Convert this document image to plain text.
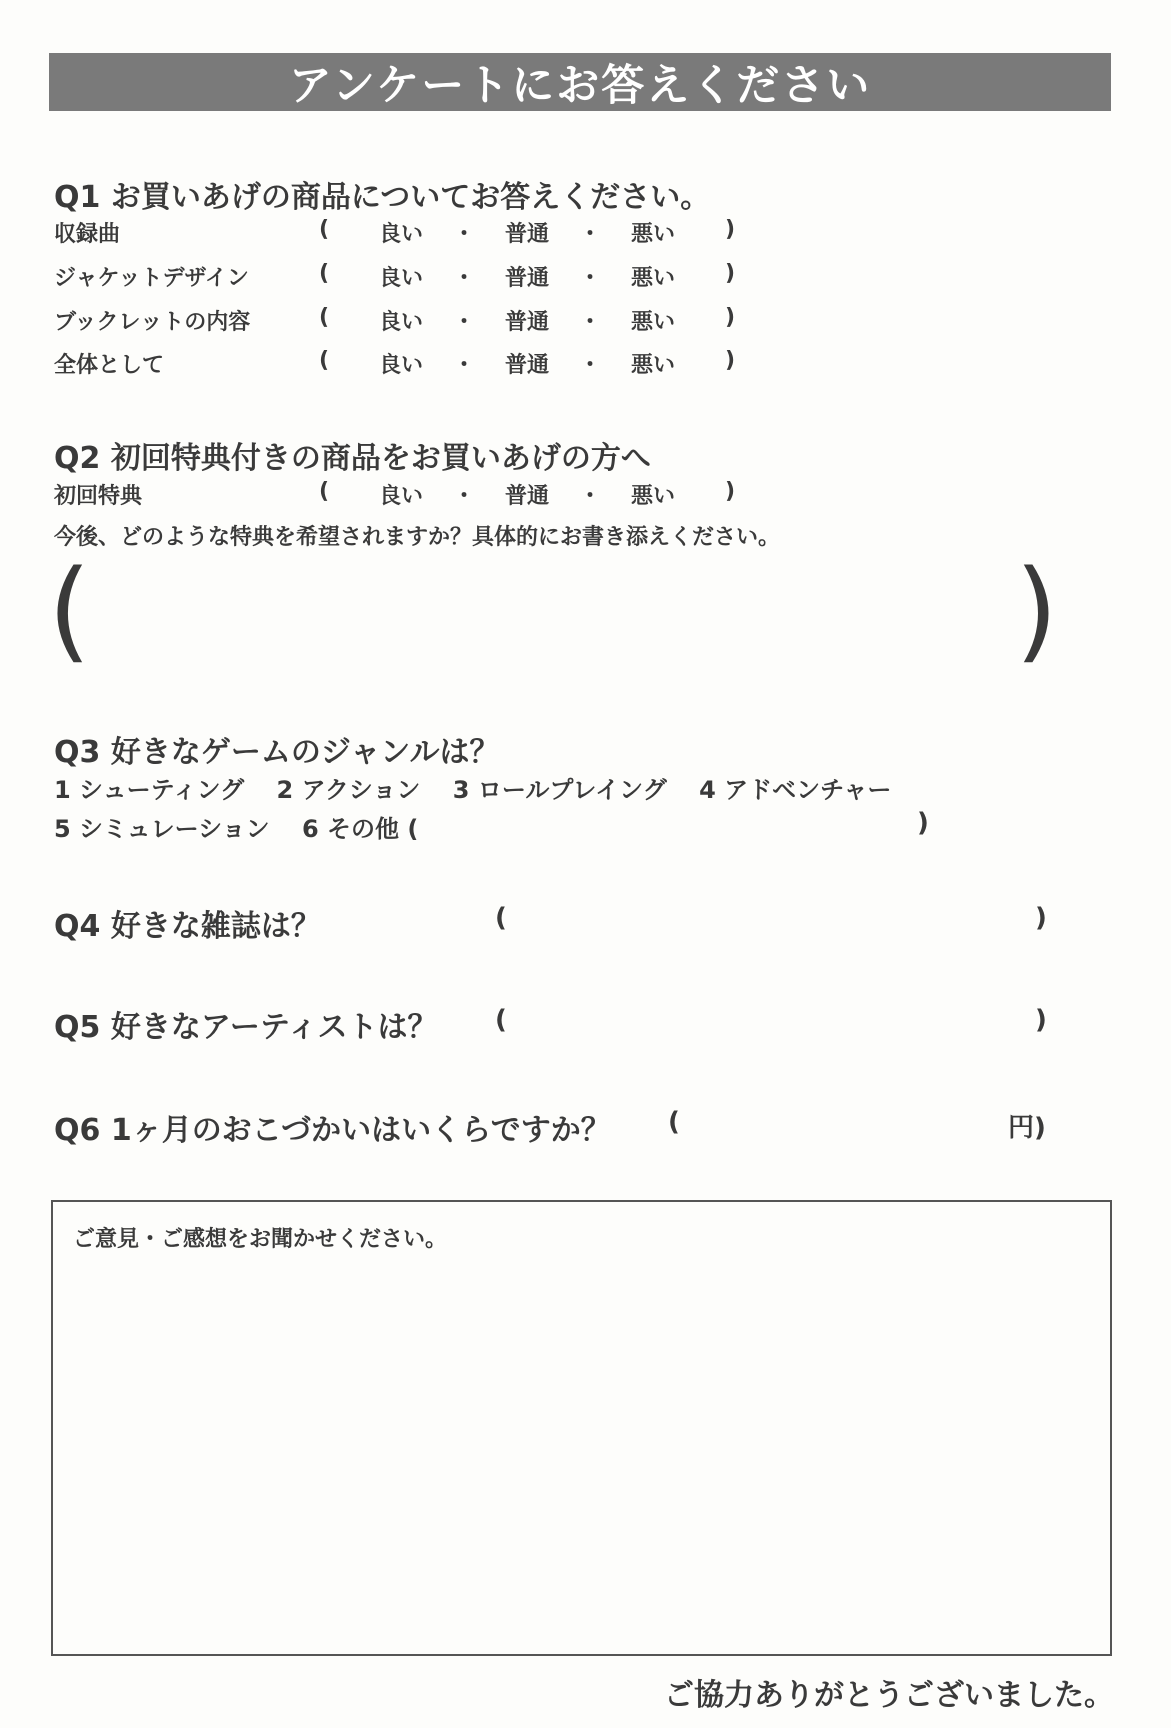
アンケートにお答えください
Q1 お買いあげの商品についてお答えください。
収録曲	(	良い	・	普通	・	悪い	)
ジャケットデザイン	(	良い	・	普通	・	悪い	)
ブックレットの内容	(	良い	・	普通	・	悪い	)
全体として	(	良い	・	普通	・	悪い	)
Q2 初回特典付きの商品をお買いあげの方へ
初回特典	(	良い	・	普通	・	悪い	)
今後、どのような特典を希望されますか？具体的にお書き添えください。
(	)
Q3 好きなゲームのジャンルは？
1 シューティング 2 アクション 3 ロールプレイング 4 アドベンチャー
5 シミュレーション 6 その他 (	)
Q4 好きな雑誌は？	(	)
Q5 好きなアーティストは？ (	)
Q6 1ヶ月のおこづかいはいくらですか？ (	円)
ご意見・ご感想をお聞かせください。
ご協力ありがとうございました。
